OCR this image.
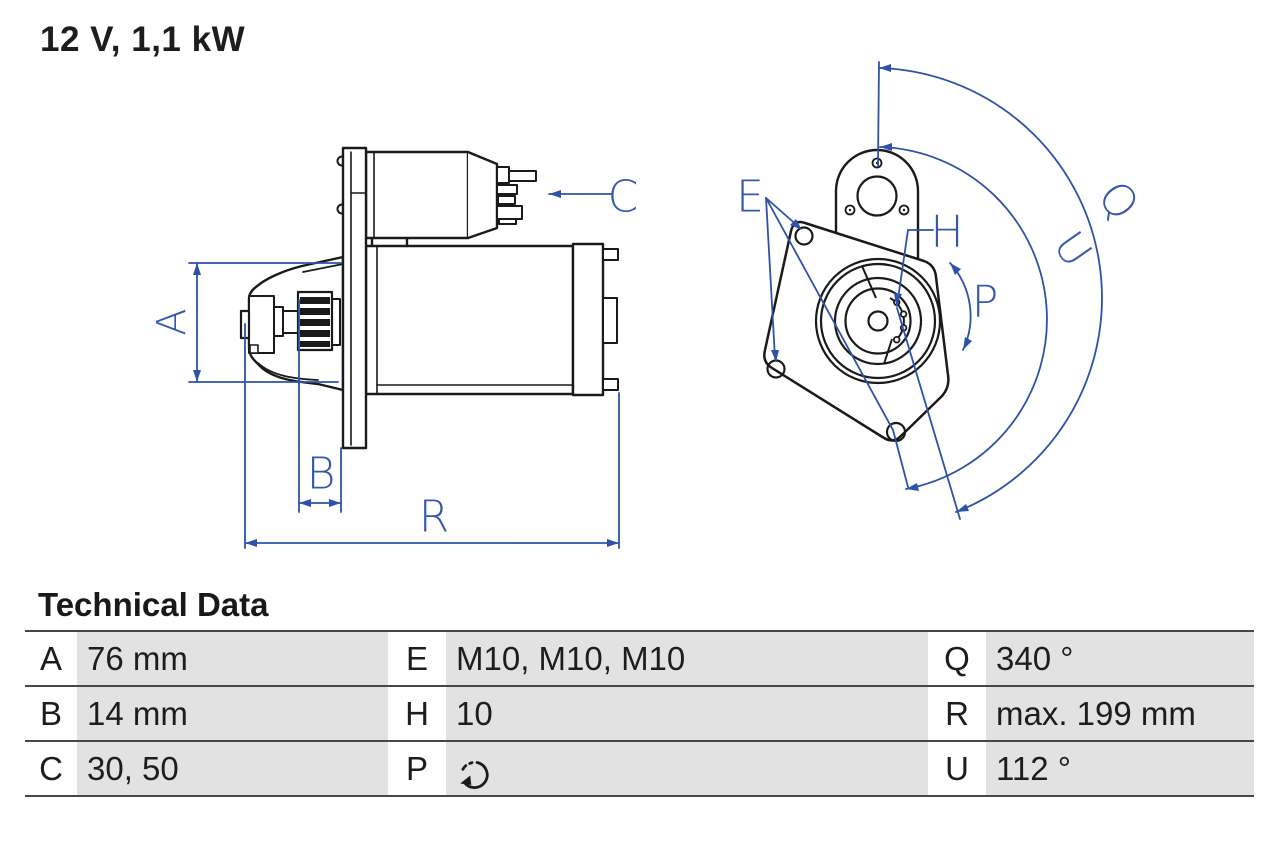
12 V, 1,1 kW
A
B
C
R
E
H
P
Q
U
Technical Data
A 76 mm	E M10, M10, M10	Q 340 °
B 14 mm	H 10	R max. 199 mm
C 30, 50	P	U 112 °
